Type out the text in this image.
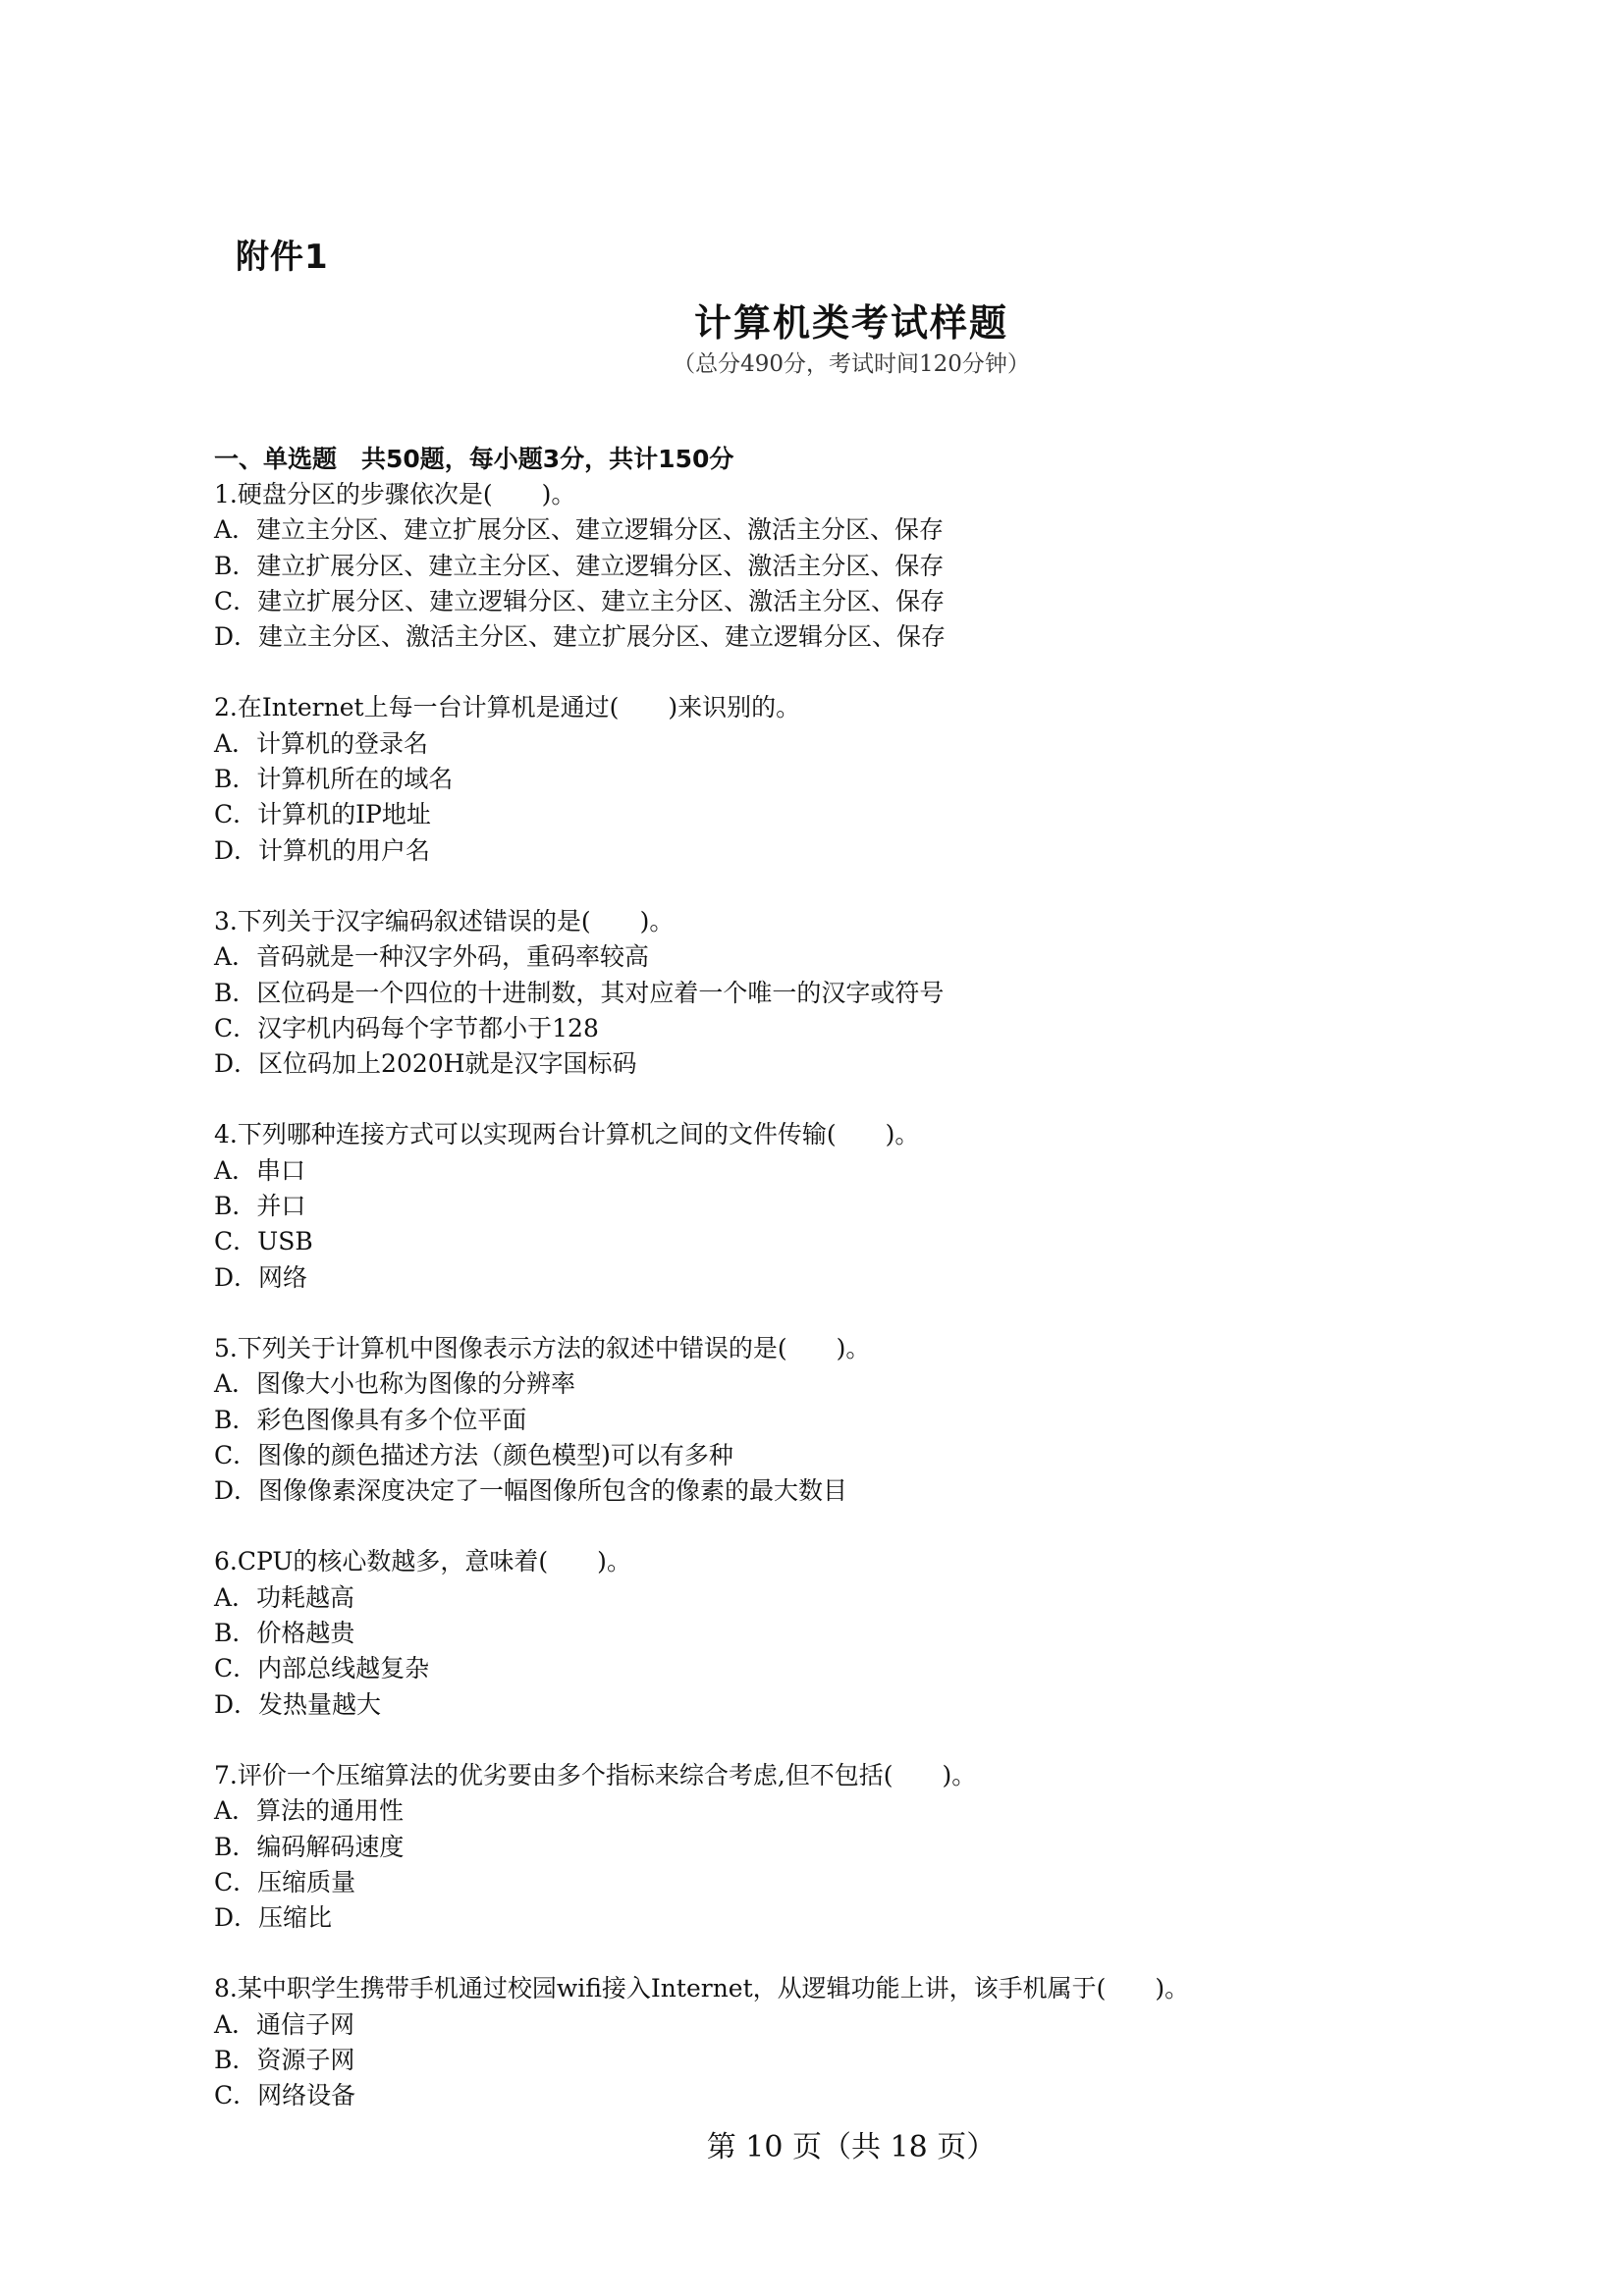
附件1
计算机类考试样题
（总分490分，考试时间120分钟）
一、单选题　共50题，每小题3分，共计150分
1.硬盘分区的步骤依次是(　　)。
A．建立主分区、建立扩展分区、建立逻辑分区、激活主分区、保存
B．建立扩展分区、建立主分区、建立逻辑分区、激活主分区、保存
C．建立扩展分区、建立逻辑分区、建立主分区、激活主分区、保存
D．建立主分区、激活主分区、建立扩展分区、建立逻辑分区、保存
2.在Internet上每一台计算机是通过(　　)来识别的。
A．计算机的登录名
B．计算机所在的域名
C．计算机的IP地址
D．计算机的用户名
3.下列关于汉字编码叙述错误的是(　　)。
A．音码就是一种汉字外码，重码率较高
B．区位码是一个四位的十进制数，其对应着一个唯一的汉字或符号
C．汉字机内码每个字节都小于128
D．区位码加上2020H就是汉字国标码
4.下列哪种连接方式可以实现两台计算机之间的文件传输(　　)。
A．串口
B．并口
C．USB
D．网络
5.下列关于计算机中图像表示方法的叙述中错误的是(　　)。
A．图像大小也称为图像的分辨率
B．彩色图像具有多个位平面
C．图像的颜色描述方法（颜色模型)可以有多种
D．图像像素深度决定了一幅图像所包含的像素的最大数目
6.CPU的核心数越多，意味着(　　)。
A．功耗越高
B．价格越贵
C．内部总线越复杂
D．发热量越大
7.评价一个压缩算法的优劣要由多个指标来综合考虑,但不包括(　　)。
A．算法的通用性
B．编码解码速度
C．压缩质量
D．压缩比
8.某中职学生携带手机通过校园wifi接入Internet，从逻辑功能上讲，该手机属于(　　)。
A．通信子网
B．资源子网
C．网络设备
第 10 页（共 18 页）
